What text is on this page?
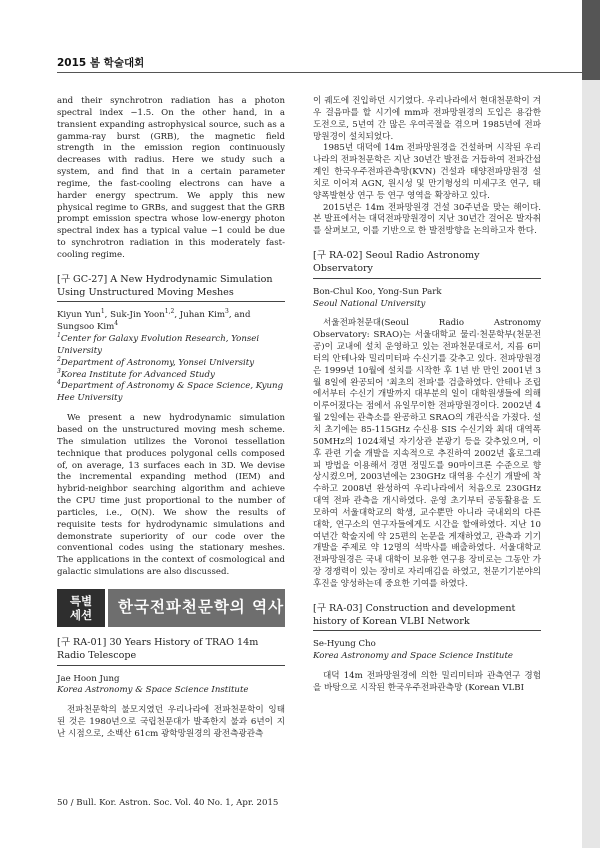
2015 봄 학술대회

and their synchrotron radiation has a photon spectral index −1.5. On the other hand, in a transient expanding astrophysical source, such as a gamma-ray burst (GRB), the magnetic field strength in the emission region continuously decreases with radius. Here we study such a system, and find that in a certain parameter regime, the fast-cooling electrons can have a harder energy spectrum. We apply this new physical regime to GRBs, and suggest that the GRB prompt emission spectra whose low-energy photon spectral index has a typical value −1 could be due to synchrotron radiation in this moderately fast-cooling regime.

[구 GC-27] A New Hydrodynamic Simulation Using Unstructured Moving Meshes

Kiyun Yun$^1$, Suk-Jin Yoon$^{1,2}$, Juhan Kim$^3$, and Sungsoo Kim$^4$

$^1$Center for Galaxy Evolution Research, Yonsei University

$^2$Department of Astronomy, Yonsei University

$^3$Korea Institute for Advanced Study

$^4$Department of Astronomy & Space Science, Kyung Hee University

We present a new hydrodynamic simulation based on the unstructured moving mesh scheme. The simulation utilizes the Voronoi tessellation technique that produces polygonal cells composed of, on average, 13 surfaces each in 3D. We devise the incremental expanding method (IEM) and hybrid-neighbor searching algorithm and achieve the CPU time just proportional to the number of particles, i.e., O(N). We show the results of requisite tests for hydrodynamic simulations and demonstrate superiority of our code over the conventional codes using the stationary meshes. The applications in the context of cosmological and galactic simulations are also discussed.

특별
세션	한국전파천문학의 역사
[구 RA-01] 30 Years History of TRAO 14m Radio Telescope

Jae Hoon Jung

Korea Astronomy & Space Science Institute

전파천문학의 불모지였던 우리나라에 전파천문학이 잉태된 것은 1980년으로 국립천문대가 발족한지 불과 6년이 지난 시점으로, 소백산 61cm 광학망원경의 광전측광관측

이 궤도에 진입하던 시기였다. 우리나라에서 현대천문학이 겨우 걸음마를 할 시기에 mm파 전파망원경의 도입은 용감한 도전으로, 5년여 간 많은 우여곡절을 겪으며 1985년에 전파망원경이 설치되었다.

1985년 대덕에 14m 전파망원경을 건설하며 시작된 우리나라의 전파천문학은 지난 30년간 발전을 거듭하여 전파간섭계인 한국우주전파관측망(KVN) 건설과 태양전파망원경 설치로 이어져 AGN, 원시성 및 만기형성의 미세구조 연구, 태양폭발현상 연구 등 연구 영역을 확장하고 있다.

2015년은 14m 전파망원경 건설 30주년을 맞는 해이다. 본 발표에서는 대덕전파망원경이 지난 30년간 걸어온 발자취를 살펴보고, 이를 기반으로 한 발전방향을 논의하고자 한다.

[구 RA-02] Seoul Radio Astronomy Observatory

Bon-Chul Koo, Yong-Sun Park

Seoul National University

서울전파천문대(Seoul Radio Astronomy Observatory: SRAO)는 서울대학교 물리·천문학부(천문전공)이 교내에 설치 운영하고 있는 전파천문대로서, 지름 6미터의 안테나와 밀리미터파 수신기를 갖추고 있다. 전파망원경은 1999년 10월에 설치를 시작한 후 1년 반 만인 2001년 3월 8일에 완공되어 '최초의 전파'를 검출하였다. 안테나 조립에서부터 수신기 개발까지 대부분의 일이 대학원생들에 의해 이루어졌다는 점에서 유일무이한 전파망원경이다. 2002년 4월 2일에는 관측소를 완공하고 SRAO의 개관식을 가졌다. 설치 초기에는 85-115GHz 수신용 SIS 수신기와 최대 대역폭 50MHz의 1024채널 자기상관 분광기 등을 갖추었으며, 이후 관련 기술 개발을 지속적으로 추진하여 2002년 홀로그래피 방법을 이용해서 경면 정밀도를 90마이크론 수준으로 향상시켰으며, 2003년에는 230GHz 대역용 수신기 개발에 착수하고 2008년 완성하여 우리나라에서 처음으로 230GHz대역 전파 관측을 개시하였다. 운영 초기부터 공동활용을 도모하여 서울대학교의 학생, 교수뿐만 아니라 국내외의 다른 대학, 연구소의 연구자들에게도 시간을 할애하였다. 지난 10여년간 학술지에 약 25편의 논문을 게재하였고, 관측과 기기개발을 주제로 약 12명의 석박사를 배출하였다. 서울대학교 전파망원경은 국내 대학이 보유한 연구용 장비로는 그동안 가장 경쟁력이 있는 장비로 자리매김을 하였고, 천문기기분야의 후진을 양성하는데 중요한 기여를 하였다.

[구 RA-03] Construction and development history of Korean VLBI Network

Se-Hyung Cho

Korea Astronomy and Space Science Institute

대덕 14m 전파망원경에 의한 밀리미터파 관측연구 경험을 바탕으로 시작된 한국우주전파관측망 (Korean VLBI

50 / Bull. Kor. Astron. Soc. Vol. 40 No. 1, Apr. 2015
